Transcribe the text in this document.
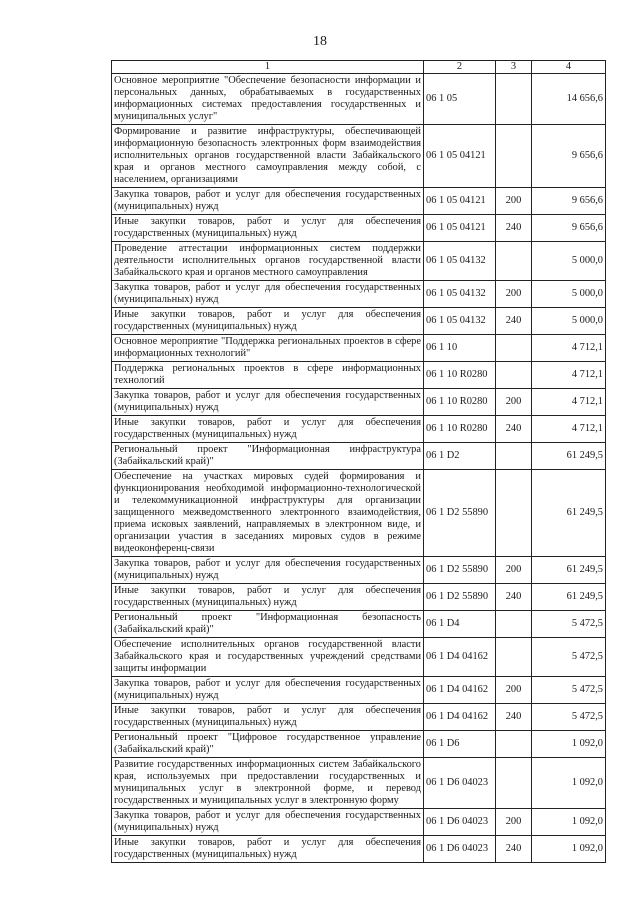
18
1	2	3	4
Основное мероприятие "Обеспечение безопасности информации и персональных данных, обрабатываемых в государственных информационных системах предоставления государственных и муниципальных услуг"	06 1 05		14 656,6
Формирование и развитие инфраструктуры, обеспечивающей информационную безопасность электронных форм взаимодействия исполнительных органов государственной власти Забайкальского края и органов местного самоуправления между собой, с населением, организациями	06 1 05 04121		9 656,6
Закупка товаров, работ и услуг для обеспечения государственных (муниципальных) нужд	06 1 05 04121	200	9 656,6
Иные закупки товаров, работ и услуг для обеспечения государственных (муниципальных) нужд	06 1 05 04121	240	9 656,6
Проведение аттестации информационных систем поддержки деятельности исполнительных органов государственной власти Забайкальского края и органов местного самоуправления	06 1 05 04132		5 000,0
Закупка товаров, работ и услуг для обеспечения государственных (муниципальных) нужд	06 1 05 04132	200	5 000,0
Иные закупки товаров, работ и услуг для обеспечения государственных (муниципальных) нужд	06 1 05 04132	240	5 000,0
Основное мероприятие "Поддержка региональных проектов в сфере информационных технологий"	06 1 10		4 712,1
Поддержка региональных проектов в сфере информационных технологий	06 1 10 R0280		4 712,1
Закупка товаров, работ и услуг для обеспечения государственных (муниципальных) нужд	06 1 10 R0280	200	4 712,1
Иные закупки товаров, работ и услуг для обеспечения государственных (муниципальных) нужд	06 1 10 R0280	240	4 712,1
Региональный проект "Информационная инфраструктура (Забайкальский край)"	06 1 D2		61 249,5
Обеспечение на участках мировых судей формирования и функционирования необходимой информационно-технологической и телекоммуникационной инфраструктуры для организации защищенного межведомственного электронного взаимодействия, приема исковых заявлений, направляемых в электронном виде, и организации участия в заседаниях мировых судов в режиме видеоконференц-связи	06 1 D2 55890		61 249,5
Закупка товаров, работ и услуг для обеспечения государственных (муниципальных) нужд	06 1 D2 55890	200	61 249,5
Иные закупки товаров, работ и услуг для обеспечения государственных (муниципальных) нужд	06 1 D2 55890	240	61 249,5
Региональный проект "Информационная безопасность (Забайкальский край)"	06 1 D4		5 472,5
Обеспечение исполнительных органов государственной власти Забайкальского края и государственных учреждений средствами защиты информации	06 1 D4 04162		5 472,5
Закупка товаров, работ и услуг для обеспечения государственных (муниципальных) нужд	06 1 D4 04162	200	5 472,5
Иные закупки товаров, работ и услуг для обеспечения государственных (муниципальных) нужд	06 1 D4 04162	240	5 472,5
Региональный проект "Цифровое государственное управление (Забайкальский край)"	06 1 D6		1 092,0
Развитие государственных информационных систем Забайкальского края, используемых при предоставлении государственных и муниципальных услуг в электронной форме, и перевод государственных и муниципальных услуг в электронную форму	06 1 D6 04023		1 092,0
Закупка товаров, работ и услуг для обеспечения государственных (муниципальных) нужд	06 1 D6 04023	200	1 092,0
Иные закупки товаров, работ и услуг для обеспечения государственных (муниципальных) нужд	06 1 D6 04023	240	1 092,0
